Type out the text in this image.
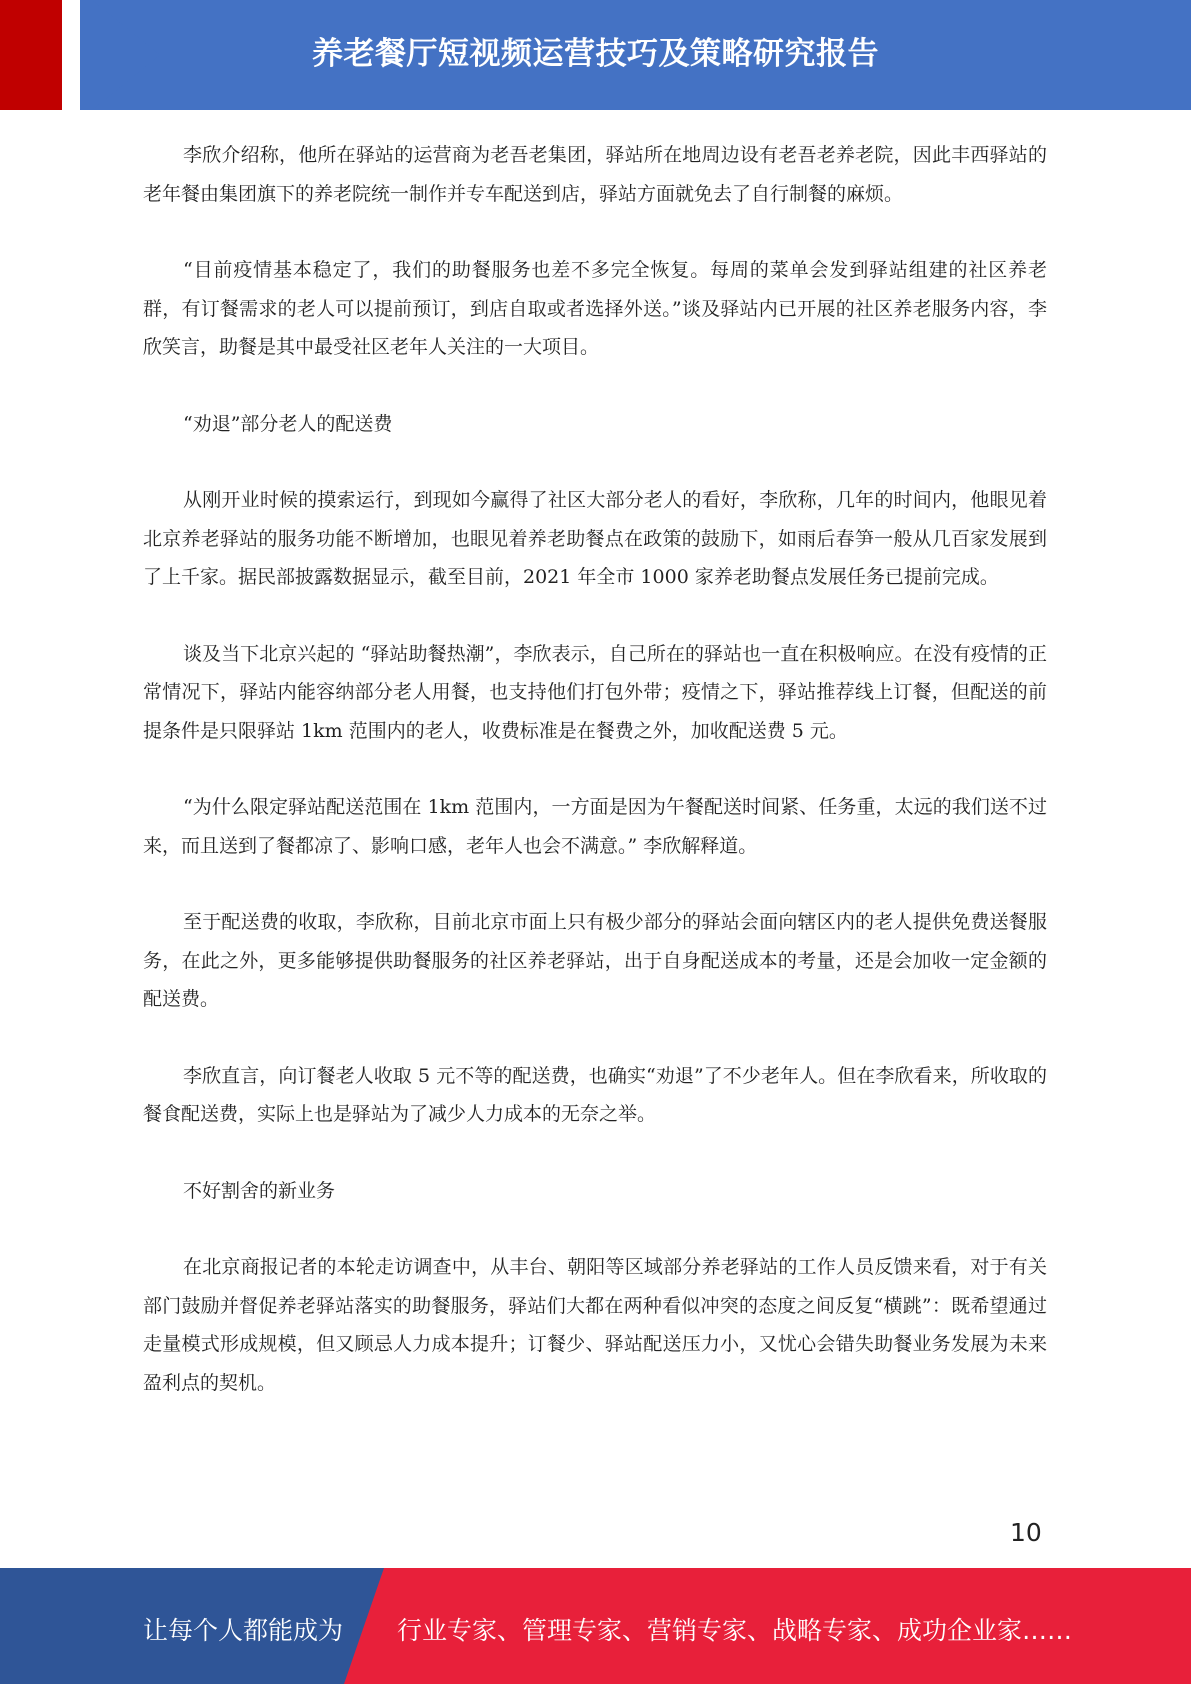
养老餐厅短视频运营技巧及策略研究报告

李欣介绍称，他所在驿站的运营商为老吾老集团，驿站所在地周边设有老吾老养老院，因此丰西驿站的老年餐由集团旗下的养老院统一制作并专车配送到店，驿站方面就免去了自行制餐的麻烦。

“目前疫情基本稳定了，我们的助餐服务也差不多完全恢复。每周的菜单会发到驿站组建的社区养老群，有订餐需求的老人可以提前预订，到店自取或者选择外送。”谈及驿站内已开展的社区养老服务内容，李欣笑言，助餐是其中最受社区老年人关注的一大项目。

“劝退”部分老人的配送费

从刚开业时候的摸索运行，到现如今赢得了社区大部分老人的看好，李欣称，几年的时间内，他眼见着北京养老驿站的服务功能不断增加，也眼见着养老助餐点在政策的鼓励下，如雨后春笋一般从几百家发展到了上千家。据民部披露数据显示，截至目前，2021 年全市 1000 家养老助餐点发展任务已提前完成。

谈及当下北京兴起的 “驿站助餐热潮”，李欣表示，自己所在的驿站也一直在积极响应。在没有疫情的正常情况下，驿站内能容纳部分老人用餐，也支持他们打包外带；疫情之下，驿站推荐线上订餐，但配送的前提条件是只限驿站 1km 范围内的老人，收费标准是在餐费之外，加收配送费 5 元。

“为什么限定驿站配送范围在 1km 范围内，一方面是因为午餐配送时间紧、任务重，太远的我们送不过来，而且送到了餐都凉了、影响口感，老年人也会不满意。” 李欣解释道。

至于配送费的收取，李欣称，目前北京市面上只有极少部分的驿站会面向辖区内的老人提供免费送餐服务，在此之外，更多能够提供助餐服务的社区养老驿站，出于自身配送成本的考量，还是会加收一定金额的配送费。

李欣直言，向订餐老人收取 5 元不等的配送费，也确实“劝退”了不少老年人。但在李欣看来，所收取的餐食配送费，实际上也是驿站为了减少人力成本的无奈之举。

不好割舍的新业务

在北京商报记者的本轮走访调查中，从丰台、朝阳等区域部分养老驿站的工作人员反馈来看，对于有关部门鼓励并督促养老驿站落实的助餐服务，驿站们大都在两种看似冲突的态度之间反复“横跳”：既希望通过走量模式形成规模，但又顾忌人力成本提升；订餐少、驿站配送压力小，又忧心会错失助餐业务发展为未来盈利点的契机。

10
让每个人都能成为 行业专家、管理专家、营销专家、战略专家、成功企业家……
